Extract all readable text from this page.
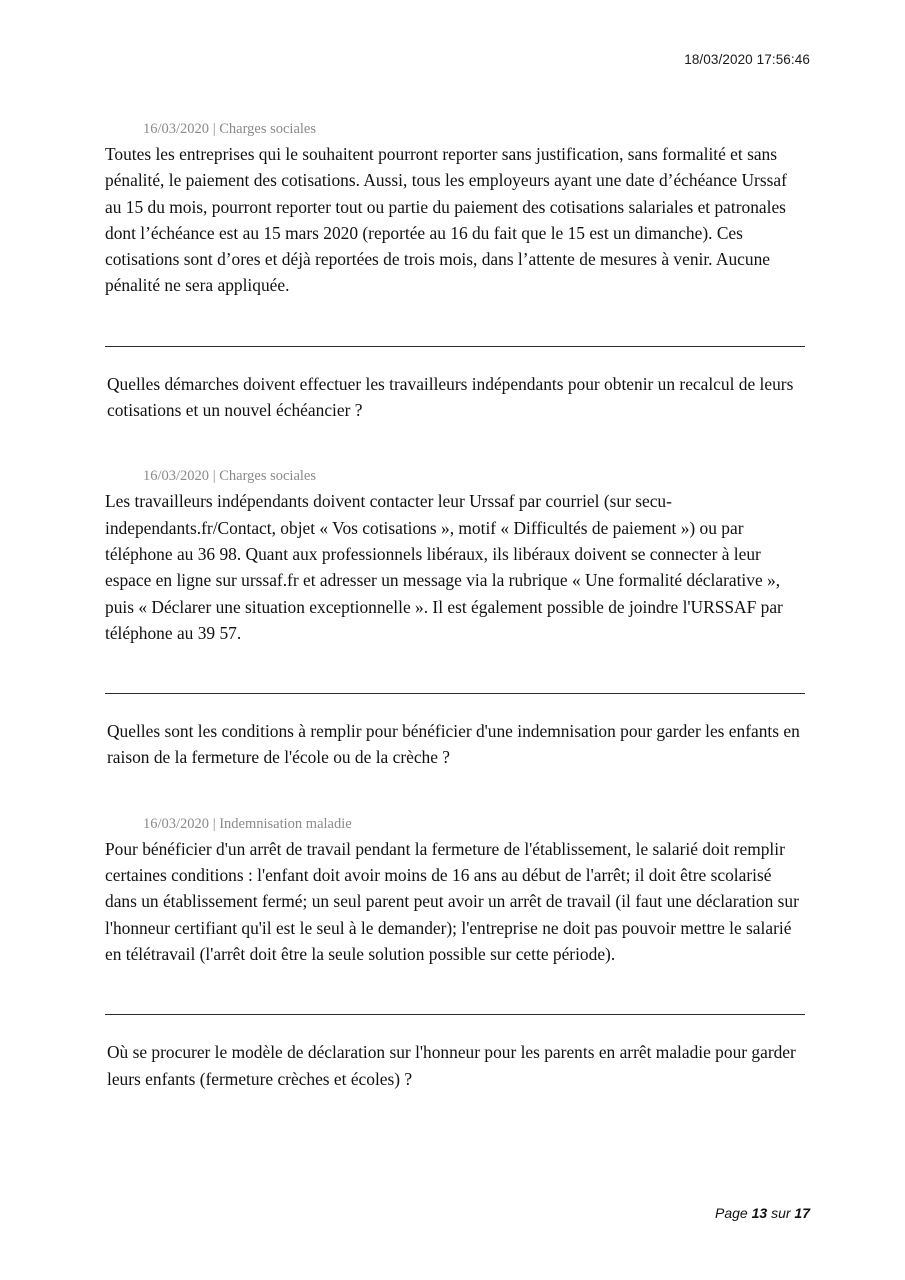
18/03/2020 17:56:46
16/03/2020 | Charges sociales

Toutes les entreprises qui le souhaitent pourront reporter sans justification, sans formalité et sans pénalité, le paiement des cotisations. Aussi, tous les employeurs ayant une date d’échéance Urssaf au 15 du mois, pourront reporter tout ou partie du paiement des cotisations salariales et patronales dont l’échéance est au 15 mars 2020 (reportée au 16 du fait que le 15 est un dimanche). Ces cotisations sont d’ores et déjà reportées de trois mois, dans l’attente de mesures à venir. Aucune pénalité ne sera appliquée.

Quelles démarches doivent effectuer les travailleurs indépendants pour obtenir un recalcul de leurs cotisations et un nouvel échéancier ?

16/03/2020 | Charges sociales

Les travailleurs indépendants doivent contacter leur Urssaf par courriel (sur secu-independants.fr/Contact, objet « Vos cotisations », motif « Difficultés de paiement ») ou par téléphone au 36 98. Quant aux professionnels libéraux, ils libéraux doivent se connecter à leur espace en ligne sur urssaf.fr et adresser un message via la rubrique « Une formalité déclarative », puis « Déclarer une situation exceptionnelle ». Il est également possible de joindre l'URSSAF par téléphone au 39 57.

Quelles sont les conditions à remplir pour bénéficier d'une indemnisation pour garder les enfants en raison de la fermeture de l'école ou de la crèche ?

16/03/2020 | Indemnisation maladie

Pour bénéficier d'un arrêt de travail pendant la fermeture de l'établissement, le salarié doit remplir certaines conditions : l'enfant doit avoir moins de 16 ans au début de l'arrêt; il doit être scolarisé dans un établissement fermé; un seul parent peut avoir un arrêt de travail (il faut une déclaration sur l'honneur certifiant qu'il est le seul à le demander); l'entreprise ne doit pas pouvoir mettre le salarié en télétravail (l'arrêt doit être la seule solution possible sur cette période).

Où se procurer le modèle de déclaration sur l'honneur pour les parents en arrêt maladie pour garder leurs enfants (fermeture crèches et écoles) ?

Page 13 sur 17
